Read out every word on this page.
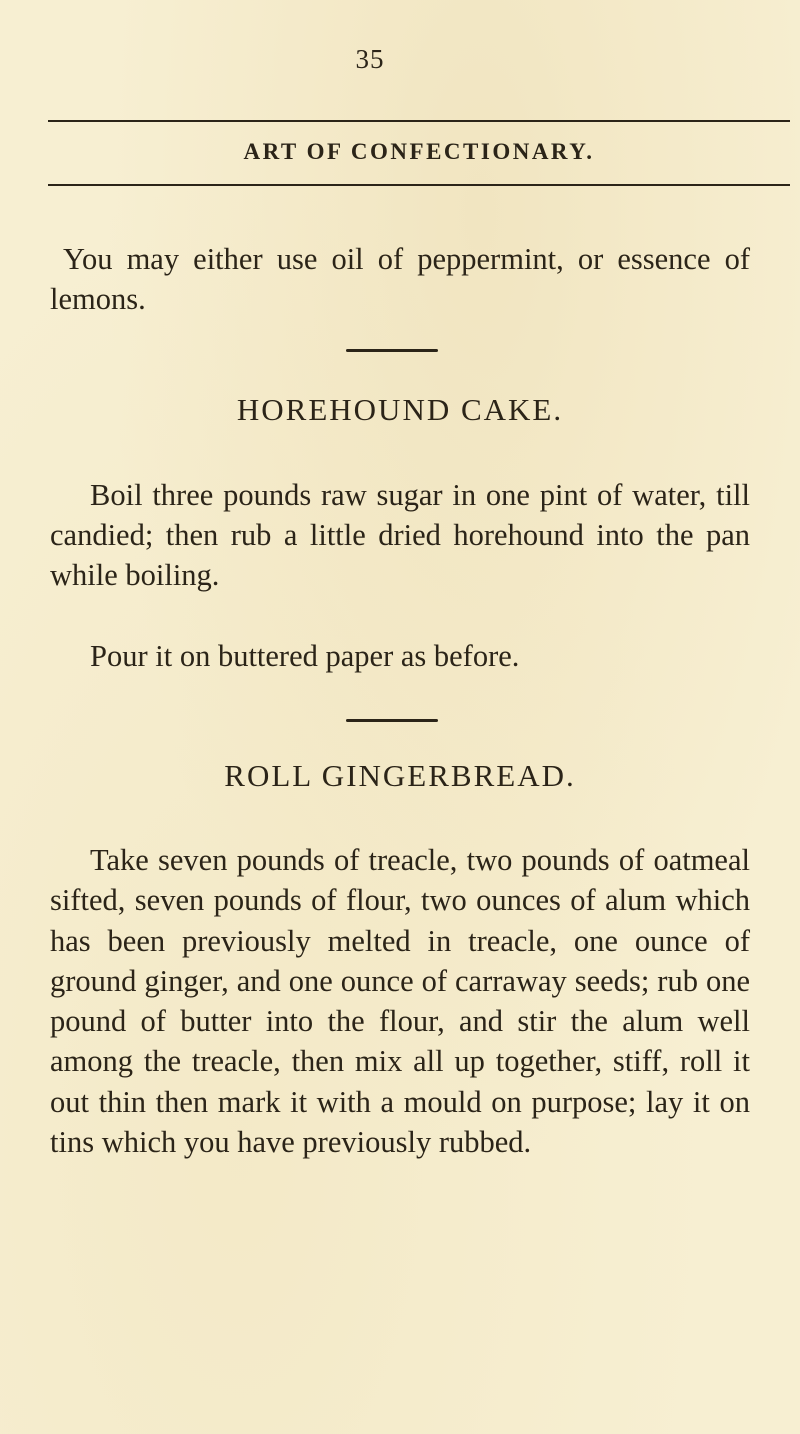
35
ART OF CONFECTIONARY.

You may either use oil of peppermint, or essence of lemons.

HOREHOUND CAKE.

Boil three pounds raw sugar in one pint of water, till candied; then rub a little dried horehound into the pan while boiling.

Pour it on buttered paper as before.

ROLL GINGERBREAD.

Take seven pounds of treacle, two pounds of oatmeal sifted, seven pounds of flour, two ounces of alum which has been previously melted in treacle, one ounce of ground ginger, and one ounce of carraway seeds; rub one pound of butter into the flour, and stir the alum well among the treacle, then mix all up together, stiff, roll it out thin then mark it with a mould on purpose; lay it on tins which you have previously rubbed.
